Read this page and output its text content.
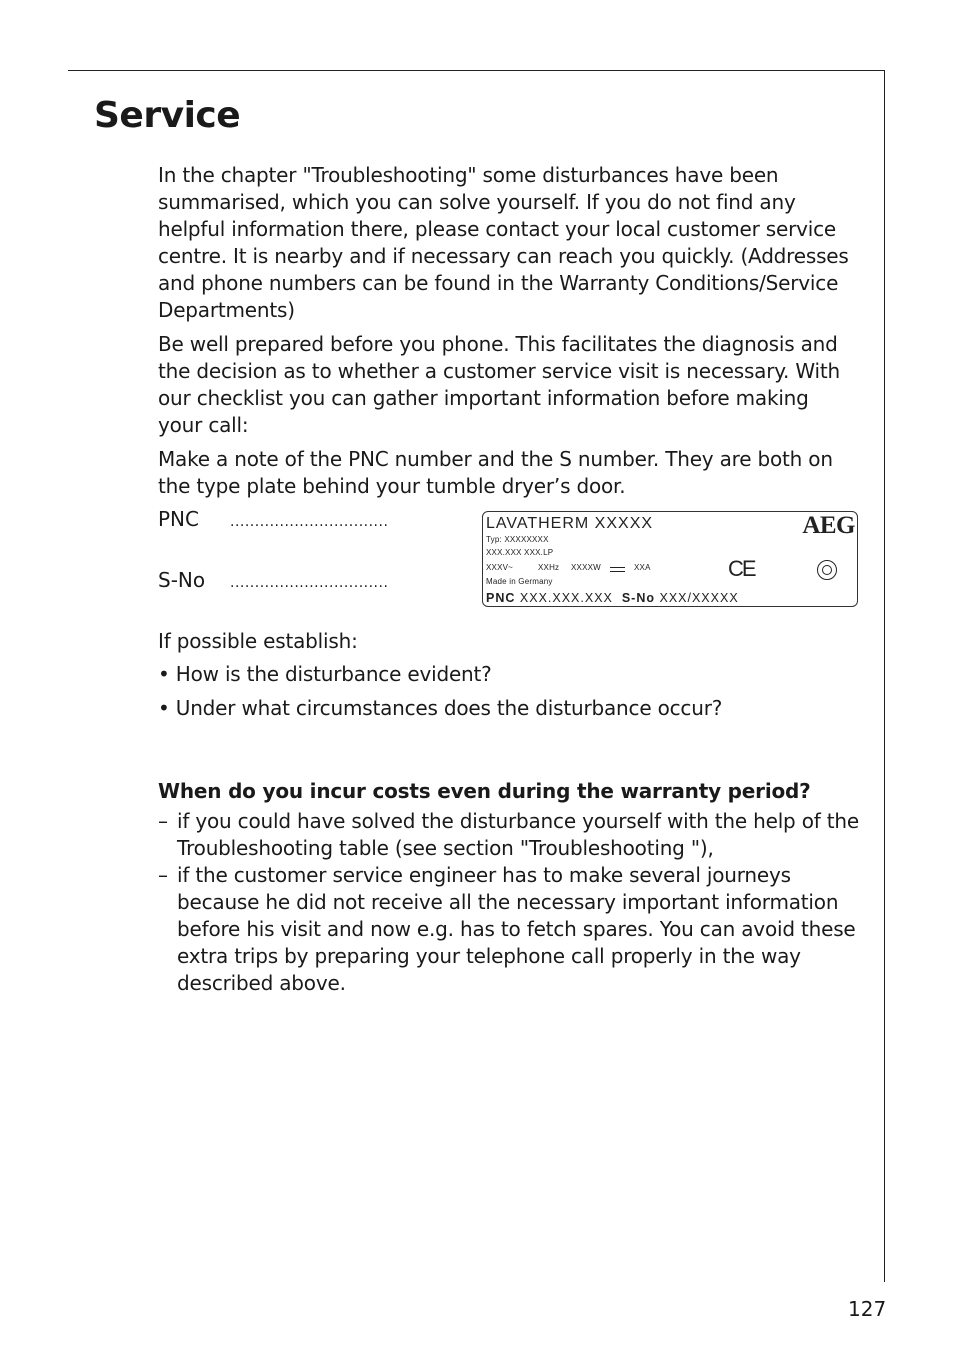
Service

In the chapter "Troubleshooting" some disturbances have been summarised, which you can solve yourself. If you do not find any helpful information there, please contact your local customer service centre. It is nearby and if necessary can reach you quickly. (Addresses and phone numbers can be found in the Warranty Conditions/Service Departments)

Be well prepared before you phone. This facilitates the diagnosis and the decision as to whether a customer service visit is necessary. With our checklist you can gather important information before making your call:

Make a note of the PNC number and the S number. They are both on the type plate behind your tumble dryer’s door.

PNC ................................
S-No ................................
LAVATHERM XXXXX	AEG
Typ: XXXXXXXX
XXX.XXX XXX.LP
XXXV~	XXHz XXXXW	XXA
Made in Germany
CE
PNC XXX.XXX.XXX S-No XXX/XXXXX

If possible establish:

• How is the disturbance evident?
• Under what circumstances does the disturbance occur?
When do you incur costs even during the warranty period?
– if you could have solved the disturbance yourself with the help of the Troubleshooting table (see section "Troubleshooting "),
– if the customer service engineer has to make several journeys because he did not receive all the necessary important information before his visit and now e.g. has to fetch spares. You can avoid these extra trips by preparing your telephone call properly in the way described above.
127
